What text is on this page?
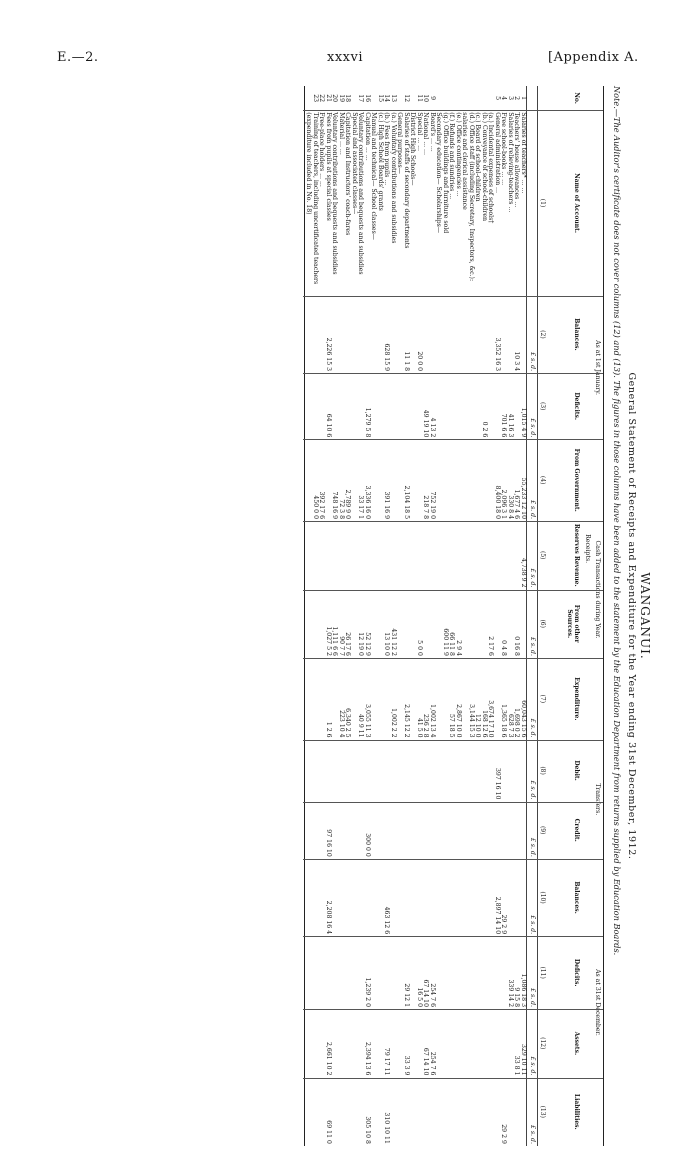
E.—2.	xxxvi	[Appendix A.
WANGANUI.
General Statement of Receipts and Expenditure for the Year ending 31st December, 1912.
Note.—The Auditor's certificate does not cover columns (12) and (13). The figures in those columns have been added to the statement by the Education Department from returns supplied by Education Boards.
As at 1st January.
Cash Transactions during Year.
Receipts.
Transfers.
As at 31st December.
No.
Name of Account.
(1)
Balances.
(2)
Deficits.
(3)
From Government.
(4)
Reserves Revenue.
(5)
From other Sources.
(6)
Expenditure.
(7)
Debit.
(8)
Credit.
(9)
Balances.
(10)
Deficits.
(11)
Assets.
(12)
Liabilities.
(13)
£ s. d.
£ s. d.
£ s. d.
£ s. d.
£ s. d.
£ s. d.
£ s. d.
£ s. d.
£ s. d.
£ s. d.
£ s. d.
£ s. d.
1
Salaries of teachers* ... ...
1,015 4 9
55,233 12 10
4,738 9 2
60,043 15 6
1,086 18 3
329 10 11
2
Teachers' house allowances ...
10 3 4
1,677 4 6
0 16 8
1,698 0 2
9 15 8
33 8 1
3
Salaries of relieving-teachers ...
41 16 3
330 8 4
628 7 3
339 14 2
4
Free school-books ... ...
701 6 6
2,096 3 1
0 4 8
1,365 18 6
29 2 9
29 2 9
5
General administration ...
3,352 16 3
8,400 18 0
397 16 10
2,897 14 10
(a.) Incidental expenses of schools†
2 17 6
3,674 17 10
(b.) Conveyance of school-children
0 2 6
168 12 6
(c.) Board of school-children
12 10 0
(d.) Office staff (including Secretary, Inspectors, &c.): salaries and clerical assistance
3,144 15 3
(e.) Office contingencies ...
2 9 4
2,867 10 0
(f.) Refunds and sundries ...
66 11 8
57 18 5
(g.) Office buildings and furniture sold
600 11 9
Secondary education— Scholarships—
9
Board's ... ...
4 13 2
752 19 0
1,002 13 4
254 7 6
254 7 6
10
National ... ...
49 19 10
218 7 8
236 2 8
67 14 10
67 14 10
11
Special ... ...
20 0 0
5 0 0
41 5 0
16 5 0
District High Schools—
12
Salaries of staffs of secondary departments
11 1 8
2,104 18 5
2,145 12 2
29 12 1
33 3 9
General purposes—
13
(a.) Voluntary contributions and subsidies
431 12 2
1,002 2 2
14
(b.) Fees from pupils ...
628 15 9
391 16 9
13 10 0
463 12 6
79 17 11
310 10 11
15
(c.) High School Boards' grants
Manual and technical— School classes—
16
Capitation ... ...
1,279 5 8
3,336 16 0
52 12 9
3,055 11 3
300 0 0
1,239 2 0
2,394 13 6
305 10 8
17
Voluntary contributions and bequests and subsidies
33 17 1
12 19 0
40 9 11
Special and associated classes—
18
Capitation and Instructors' coach-fares
2,789 9 0
26 17 6
6,340 2 5
19
Material ... ...
72 3 8
90 7 7
223 10 4
20
Voluntary contributions and bequests and subsidies
748 16 9
1,111 6 6
21
Fees from pupils at special classes
2,226 15 3
64 10 6
1,027 5 2
1 2 6
97 16 10
2,208 16 4
2,661 10 2
69 11 0
22
Free-place holders ... ...
392 17 6
23
Training of teachers, including uncertificated teachers (expenditure included in No. 18)
450 0 0
